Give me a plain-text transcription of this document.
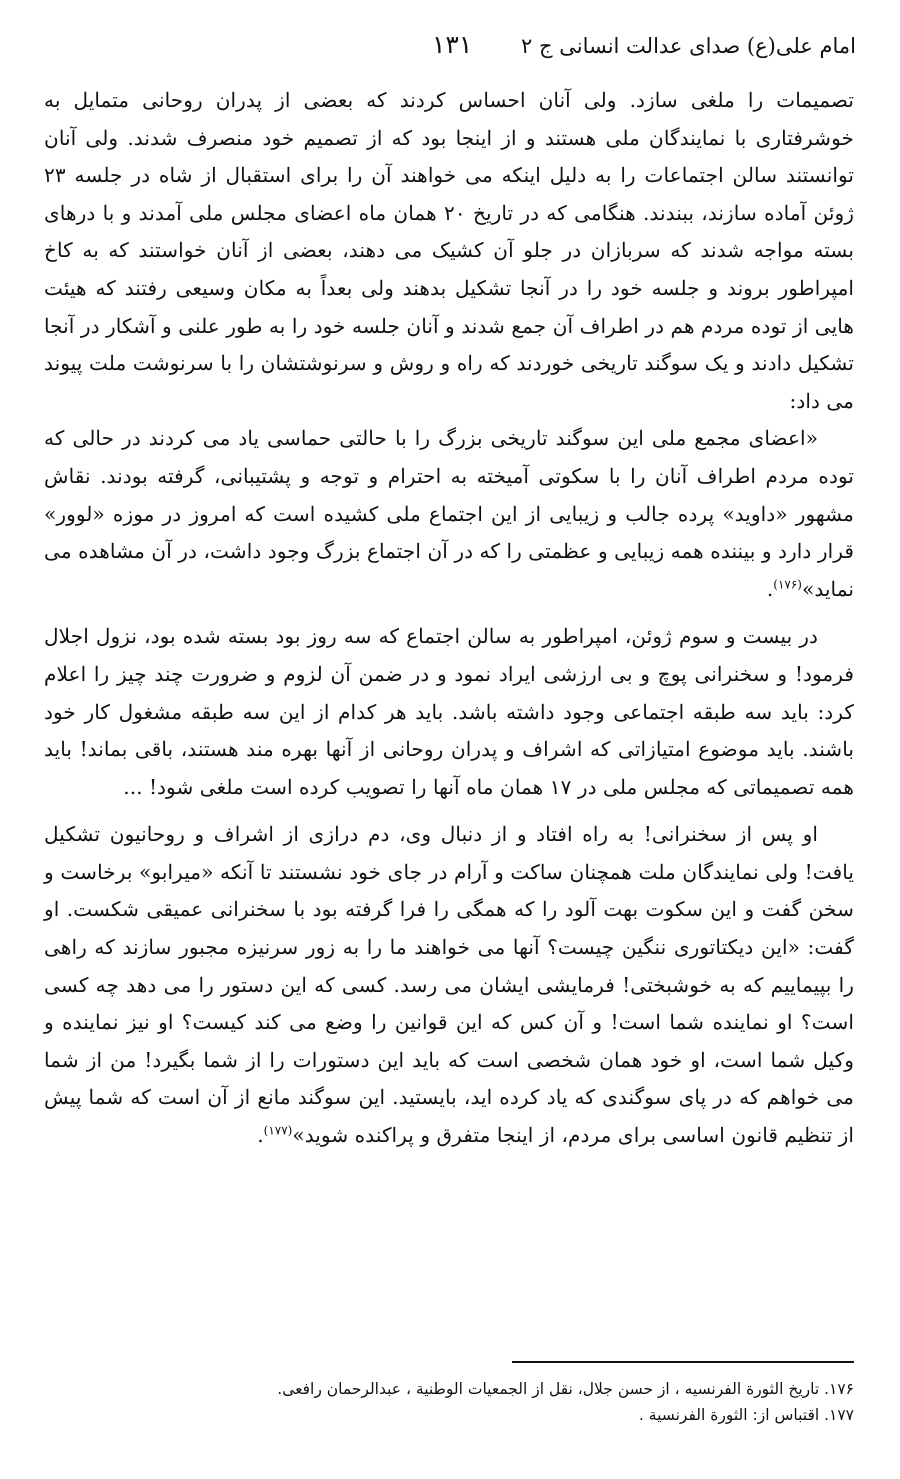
امام علی(ع) صدای عدالت انسانی ج ۲
۱۳۱

تصمیمات را ملغی سازد. ولی آنان احساس کردند که بعضی از پدران روحانی متمایل به خوشرفتاری با نمایندگان ملی هستند و از اینجا بود که از تصمیم خود منصرف شدند. ولی آنان توانستند سالن اجتماعات را به دلیل اینکه می خواهند آن را برای استقبال از شاه در جلسه ۲۳ ژوئن آماده سازند، ببندند. هنگامی که در تاریخ ۲۰ همان ماه اعضای مجلس ملی آمدند و با درهای بسته مواجه شدند که سربازان در جلو آن کشیک می دهند، بعضی از آنان خواستند که به کاخ امپراطور بروند و جلسه خود را در آنجا تشکیل بدهند ولی بعداً به مکان وسیعی رفتند که هیئت هایی از توده مردم هم در اطراف آن جمع شدند و آنان جلسه خود را به طور علنی و آشکار در آنجا تشکیل دادند و یک سوگند تاریخی خوردند که راه و روش و سرنوشتشان را با سرنوشت ملت پیوند می داد:

«اعضای مجمع ملی این سوگند تاریخی بزرگ را با حالتی حماسی یاد می کردند در حالی که توده مردم اطراف آنان را با سکوتی آمیخته به احترام و توجه و پشتیبانی، گرفته بودند. نقاش مشهور «داوید» پرده جالب و زیبایی از این اجتماع ملی کشیده است که امروز در موزه «لوور» قرار دارد و بیننده همه زیبایی و عظمتی را که در آن اجتماع بزرگ وجود داشت، در آن مشاهده می نماید»$^{(۱۷۶)}$.

در بیست و سوم ژوئن، امپراطور به سالن اجتماع که سه روز بود بسته شده بود، نزول اجلال فرمود! و سخنرانی پوچ و بی ارزشی ایراد نمود و در ضمن آن لزوم و ضرورت چند چیز را اعلام کرد: باید سه طبقه اجتماعی وجود داشته باشد. باید هر کدام از این سه طبقه مشغول کار خود باشند. باید موضوع امتیازاتی که اشراف و پدران روحانی از آنها بهره مند هستند، باقی بماند! باید همه تصمیماتی که مجلس ملی در ۱۷ همان ماه آنها را تصویب کرده است ملغی شود! ...

او پس از سخنرانی! به راه افتاد و از دنبال وی، دم درازی از اشراف و روحانیون تشکیل یافت! ولی نمایندگان ملت همچنان ساکت و آرام در جای خود نشستند تا آنکه «میرابو» برخاست و سخن گفت و این سکوت بهت آلود را که همگی را فرا گرفته بود با سخنرانی عمیقی شکست. او گفت: «این دیکتاتوری ننگین چیست؟ آنها می خواهند ما را به زور سرنیزه مجبور سازند که راهی را بپیماییم که به خوشبختی! فرمایشی ایشان می رسد. کسی که این دستور را می دهد چه کسی است؟ او نماینده شما است! و آن کس که این قوانین را وضع می کند کیست؟ او نیز نماینده و وکیل شما است، او خود همان شخصی است که باید این دستورات را از شما بگیرد! من از شما می خواهم که در پای سوگندی که یاد کرده اید، بایستید. این سوگند مانع از آن است که شما پیش از تنظیم قانون اساسی برای مردم، از اینجا متفرق و پراکنده شوید»$^{(۱۷۷)}$.

۱۷۶. تاریخ الثورة الفرنسیه ، از حسن جلال، نقل از الجمعیات الوطنیة ، عبدالرحمان رافعی.
۱۷۷. اقتباس از: الثورة الفرنسیة .
